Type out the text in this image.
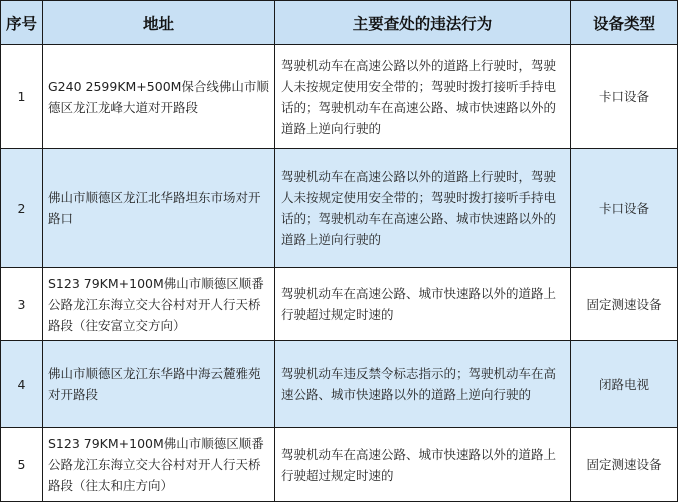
序号	地址	主要查处的违法行为	设备类型
1	G240 2599KM+500M保合线佛山市顺德区龙江龙峰大道对开路段	驾驶机动车在高速公路以外的道路上行驶时，驾驶人未按规定使用安全带的；驾驶时拨打接听手持电话的；驾驶机动车在高速公路、城市快速路以外的道路上逆向行驶的	卡口设备
2	佛山市顺德区龙江北华路坦东市场对开路口	驾驶机动车在高速公路以外的道路上行驶时，驾驶人未按规定使用安全带的；驾驶时拨打接听手持电话的；驾驶机动车在高速公路、城市快速路以外的道路上逆向行驶的	卡口设备
3	S123 79KM+100M佛山市顺德区顺番公路龙江东海立交大谷村对开人行天桥路段（往安富立交方向）	驾驶机动车在高速公路、城市快速路以外的道路上行驶超过规定时速的	固定测速设备
4	佛山市顺德区龙江东华路中海云麓雅苑对开路段	驾驶机动车违反禁令标志指示的；驾驶机动车在高速公路、城市快速路以外的道路上逆向行驶的	闭路电视
5	S123 79KM+100M佛山市顺德区顺番公路龙江东海立交大谷村对开人行天桥路段（往太和庄方向）	驾驶机动车在高速公路、城市快速路以外的道路上行驶超过规定时速的	固定测速设备
